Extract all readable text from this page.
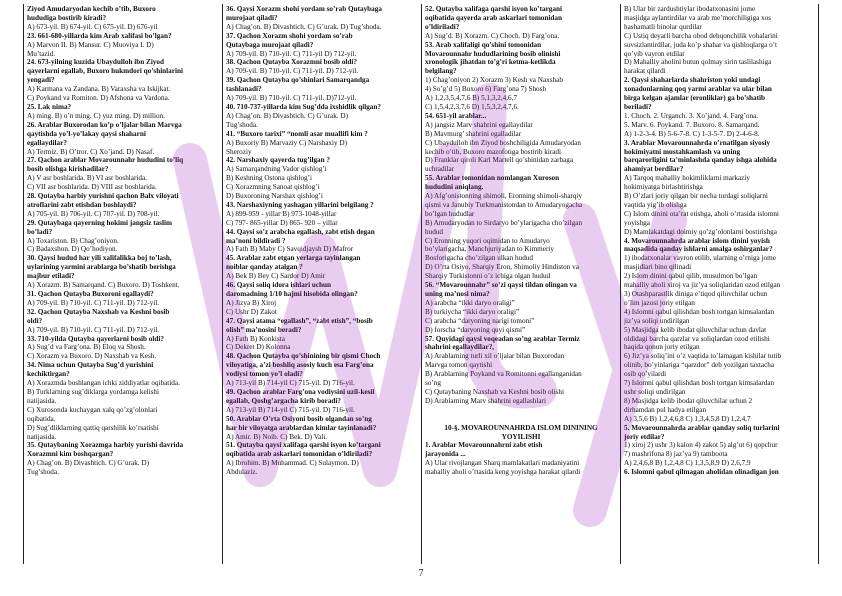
Ziyod Amudaryodan kechib o’tib, Buxoro
hududiga bostirib kiradi?
A) 673-yil. B) 674-yil. C) 675-yil. D) 676-yil
23. 661-680-yillarda kim Arab xalifasi bo’lgan?
A) Marvon II. B) Mansur. C) Muoviya I. D)
Mu’tazid.
24. 673-yilning kuzida Ubaydulloh ibn Ziyod
qayerlarni egallab, Buxoro hukmdori qo’shinlarini
yengadi?
A) Karmana va Zandana. B) Varaxsha va Iskijkat.
C) Poykand va Romiton. D) Afshona va Vardona.
25. Lak nima?
A) ming. B) o’n ming. C) yuz ming. D) million.
26. Arablar Buxorodan ko’p o’ljalar bilan Marvga
qaytishda yo’l-yo’lakay qaysi shaharni
egallaydilar?
A) Termiz. B) O’tror. C) Xo’jand. D) Nasaf.
27. Qachon arablar Movarounnahr hududini to’liq
bosib olishga kirishadilar?
A) V asr boshlarida. B) VI asr boshlarida.
C) VII asr boshlarida. D) VIII asr boshlarida.
28. Qutayba harbiy yurishni qachon Balx viloyati
atroflarini zabt etishdan boshlaydi?
A) 705-yil. B) 706-yil. C) 707-yil. D) 708-yil.
29. Qutaybaga qayerning hokimi jangsiz taslim
bo’ladi?
A) Toxariston. B) Chag’oniyon.
C) Badaxshon. D) Qo’hodiyon.
30. Qaysi hudud har yili xalifalikka boj to’lash,
uylarining yarmini arablarga bo’shatib berishga
majbur etiladi?
A) Xorazm. B) Samarqand. C) Buxoro. D) Toshkent.
31. Qachon Qutayba Buxoroni egallaydi?
A) 709-yil. B) 710-yil. C) 711-yil. D) 712-yil.
32. Qachon Qutayba Naxshab va Keshni bosib
oldi?
A) 709-yil. B) 710-yil. C) 711-yil. D) 712-yil.
33. 710-yilda Qutayba qayerlarni bosib oldi?
A) Sug’d va Farg’ona. B) Eloq va Shosh.
C) Xorazm va Buxoro. D) Naxshab va Kesh.
34. Nima uchun Qutayba Sug’d yurishini
kechiktirgan?
A) Xorazmda boshlangan ichki ziddiyatlar oqibatida.
B) Turklarning sug’diklarga yordamga kelishi
natijasida.
C) Xurosonda kuchaygan xalq qo’zg’olonlari
oqibatida.
D) Sug’dliklarning qattiq qarshilik ko’rsatishi
natijasida.
35. Qutaybaning Xorazmga harbiy yurishi davrida
Xorazmni kim boshqargan?
A) Chag’on. B) Divashtich. C) G’urak. D)
Tug’shoda.
36. Qaysi Xorazm shohi yordam so’rab Qutaybaga
murojaat qiladi?
A) Chag’on. B) Divashtich. C) G’urak. D) Tug’shoda.
37. Qachon Xorazm shohi yordam so’rab
Qutaybaga murojaat qiladi?
A) 709-yil. B) 710-yil. C) 711-yil D) 712-yil.
38. Qachon Qutayba Xorazmni bosib oldi?
A) 709-yil. B) 710-yil. C) 711-yil. D) 712-yil.
39. Qachon Qutayba qo’shinlari Samarqandga
tashlanadi?
A) 709-yil. B) 710-yil. C) 711-yil. D)712-yil.
40. 710-737-yillarda kim Sug’dda ixshidlik qilgan?
A) Chag’on. B) Divashtich. C) G’urak. D)
Tug’shoda.
41. “Buxoro tarixi” “nomli asar muallifi kim ?
A) Buxoriy B) Marvaziy C) Narshaxiy D)
Sheroziy
42. Narshaxiy qayerda tug’ilgan ?
A) Samarqandning Vador qishlog’i
B) Keshning Ostona qishlog’i
C) Xorazmning Sanoat qishlog’i
D) Buxoroning Narshax qishlog’i
43. Narshaxiyning yashagan yillarini belgilang ?
A) 899-959 - yillar B) 973-1048-yillar
C) 797- 865-yillar D) 865- 920 – yillar
44. Qaysi so’z arabcha egallash, zabt etish degan
ma’noni bildiradi ?
A) Fath B) Maby C) Savqidjaysh D) Mafror
45. Arablar zabt etgan yerlarga tayinlangan
noiblar qanday atalgan ?
A) Bek B) Bey C) Sardor D) Amir
46. Qaysi soliq idora ishlari uchun
daromadning 1/10 hajmi hisobida olingan?
A) Jizya B) Xiroj
C) Ushr D) Zakot
47. Qaysi atama “egallash”, “zabt etish”, “bosib
olish” ma’nosini beradi?
A) Fath B) Konkista
C) Dekret D) Kolonna
48. Qachon Qutayba qo’shinining bir qismi Choch
viloyatiga, a’zi boshliq asosiy kuch esa Farg’ona
vodiysi tomon yo’l oladi?
A) 713-yil B) 714-yil C) 715-yil. D) 716-yil.
49. Qachon arablar Farg’ona vodiysini uzil-kesil
egallab, Qoshg’argacha kirib boradi?
A) 713-yil B) 714-yil C) 715-yil. D) 716-yil.
50. Arablar O’rta Osiyoni bosib olgandan so’ng
har bir viloyatga arablardan kimlar tayinlanadi?
A) Amir. B) Noib. C) Bek. D) Vali.
51. Qutayba qaysi xalifaga qarshi isyon ko’targani
oqibatida arab askarlari tomonidan o’ldiriladi?
A) Ibrohim. B) Muhammad. C) Sulaymon. D)
Abdulaziz.
52. Qutayba xalifaga qarshi isyon ko’targani
oqibatida qayerda arab askarlari tomonidan
o’ldiriladi?
A) Sug’d. B) Xorazm. C) Choch. D) Farg’ona.
53. Arab xalifaligi qo’shini tomonidan
Movarounnahr hududlarining bosib olinishi
xronologik jihatdan to’g’ri ketma-ketlikda
belgilang?
1) Chag’oniyon 2) Xorazm 3) Kesh va Naxshab
4) So’g’d 5) Buxoro 6) Farg’ona 7) Shosh
A) 1,2,3,5,4,7,6 B) 5,1,3,2,4,6,7
C) 1,5,4,2,3,7,6 D) 1,5,3,2,4,7,6.
54. 651-yil arablar...
A) jangsiz Marv shahrini egallaydilar
B) Mavmurg’ shahrini egalladilar
C) Ubaydulloh ibn Ziyod boshchiligida Amudaryodan
kechib o’tib, Buxoro mazofotiga bostirib kiradi
D) Franklar qiroli Karl Martell qo’shinidan zarbaga
uchradilar
55. Arablar tomonidan nomlangan Xuroson
hududini aniqlang.
A) Afg’onistonning shimoli, Eronning shimoli-sharqiy
qismi va Janubiy Turkmanistondan to Amudaryogacha
bo’lgan hududlar
B) Amudaryodan to Sirdaryo bo’ylarigacha cho’zilgan
hudud
C) Eronning yuqori oqimidan to Amudaryo
bo’ylarigacha, Manchjuriyadan to Kimmeriy
Bosforigacha cho’zilgan ulkan hudud
D) O’rta Osiyo, Sharqiy Eron, Shimoliy Hindiston va
Sharqiy Turkistonni o’z ichiga olgan hudud
56. “Movarounnahr” so’zi qaysi tildan olingan va
uning ma’nosi nima?
A) arabcha “ikki daryo oraligi”
B) turkiycha “ikki daryo oraligi”
C) arabcha “daryoning narigi tomoni”
D) forscha “daryoning quyi qismi”
57. Quyidagi qaysi voqeadan so’ng arablar Termiz
shahrini egallaydilar?,
A) Arablarning turli xil o’ljalar bilan Buxorodan
Marvga tomon qaytishi
B) Arablarning Poykand va Romitonni egallanganidan
so’ng
C) Qutaybaning Naxshab va Keshni bosib olishi
D) Arablarning Marv shahrini egallashlari

10-§. MOVAROUNNAHRDA ISLOM DININING
YOYILISHI
1. Arablar Movarounnahrni zabt etish
jarayonida ...
A) Ular rivojlangan Sharq mamlakatlari madaniyatini
mahalliy aholi o’rtasida keng yoyishga harakat qilardi
B) Ular bir zardushtiylar ibodatxonasini jome
masjidga aylantirdilar va arab me’morchiligiga xos
hashamatli binolar qurdilar
C) Ustiq deyarli barcha obod dehqonchilik vohalarini
suvsizlantirdilar, juda ko’p shahar va qishloqlarga o’t
qo’yib vayron etdilar
D) Mahalliy aholini butun qolmay sirin taslilashiga
harakat qilardi
2. Qaysi shaharlarda shahriston yoki undagi
xonadonlarning qoq yarmi arablar va ular bilan
birga kelgan ajamlar (eronliklar) ga bo’shatib
beriladi?
1. Choch. 2. Urganch. 3. Xo’jand. 4. Farg’ona.
5. Marv. 6. Poykand. 7. Buxoro. 8. Samarqand.
A) 1-2-3-4. B) 5-6-7-8. C) 1-3-5-7. D) 2-4-6-8.
3. Arablar Movarounnahrda o’rnatilgan siyosiy
hokimiyatni mustahkamlash va uning
barqarorligini ta’minlashda qanday ishga alohida
ahamiyat berdilar?
A) Tarqoq mahalliy hokimliklarni markaziy
hokimiyatga birlashtirishga
B) O’zlari joriy qilgan bir necha turdagi soliqlarni
vaqtida yig’ib olishga
C) Islom dinini ota’rat etishga, aholi o’rtasida islomni
yoyishga
D) Mamlakatdagi doimiy qo’zg’olonlarni bostirishga
4. Movarounnahrda arablar islom dinini yoyish
maqsadida qanday ishlarni amalga oshirganlar?
1) ibodatxonalar vayron etilib, ularning o’rniga jome
masjidlari bino qilinadi
2) Islom dinini qabul qilib, musulmon bo’lgan
mahalliy aholi xiroj va jiz’ya soliqlaridan ozod etilgan
3) Otashparastlik diniga e’tiqod qiluvchilar uchun
o’lim jazosi joriy etilgan
4) Islomni qabul qilishdan bosh tortgan kimsalardan
jiz’ya soliqi undirilgan
5) Masjidga kelib ibodat qiluvchilar uchun davlat
oldidagi barcha qarzlar va soliqlardan ozod etilishi
haqida qonun joriy etilgan
6) Jiz’ya soliq’ini o’z vaqtida to’lamagan kishilar tutib
olinib, bo’yinlariga “qarzdor” deb yozilgan taxtacha
osib qo’yilardi
7) Islomni qabul qilishdan bosh tortgan kimsalardan
ushr soliqi undirilgan
8) Masjidga kelib ibodat qiluvchilar uchun 2
dirhamdan pul hadya etilgan
A) 3,5,6 B) 1,2,4,6,8 C) 1,3,4,5,8 D) 1,2,4,7
5. Movarounnahrda arablar qanday soliq turlarini
joriy etdilar?
1) xiroj 2) ushr 3) kalon 4) zakot 5) alg’ut 6) qopchur
7) mashrifona 8) jaz’ya 9) tamboota
A) 2,4,6,8 B) 1,2,4,8 C) 1,3,5,8,9 D) 2,6,7,9
6. Islomni qabul qilmagan aholidan olinadigan jon
7
